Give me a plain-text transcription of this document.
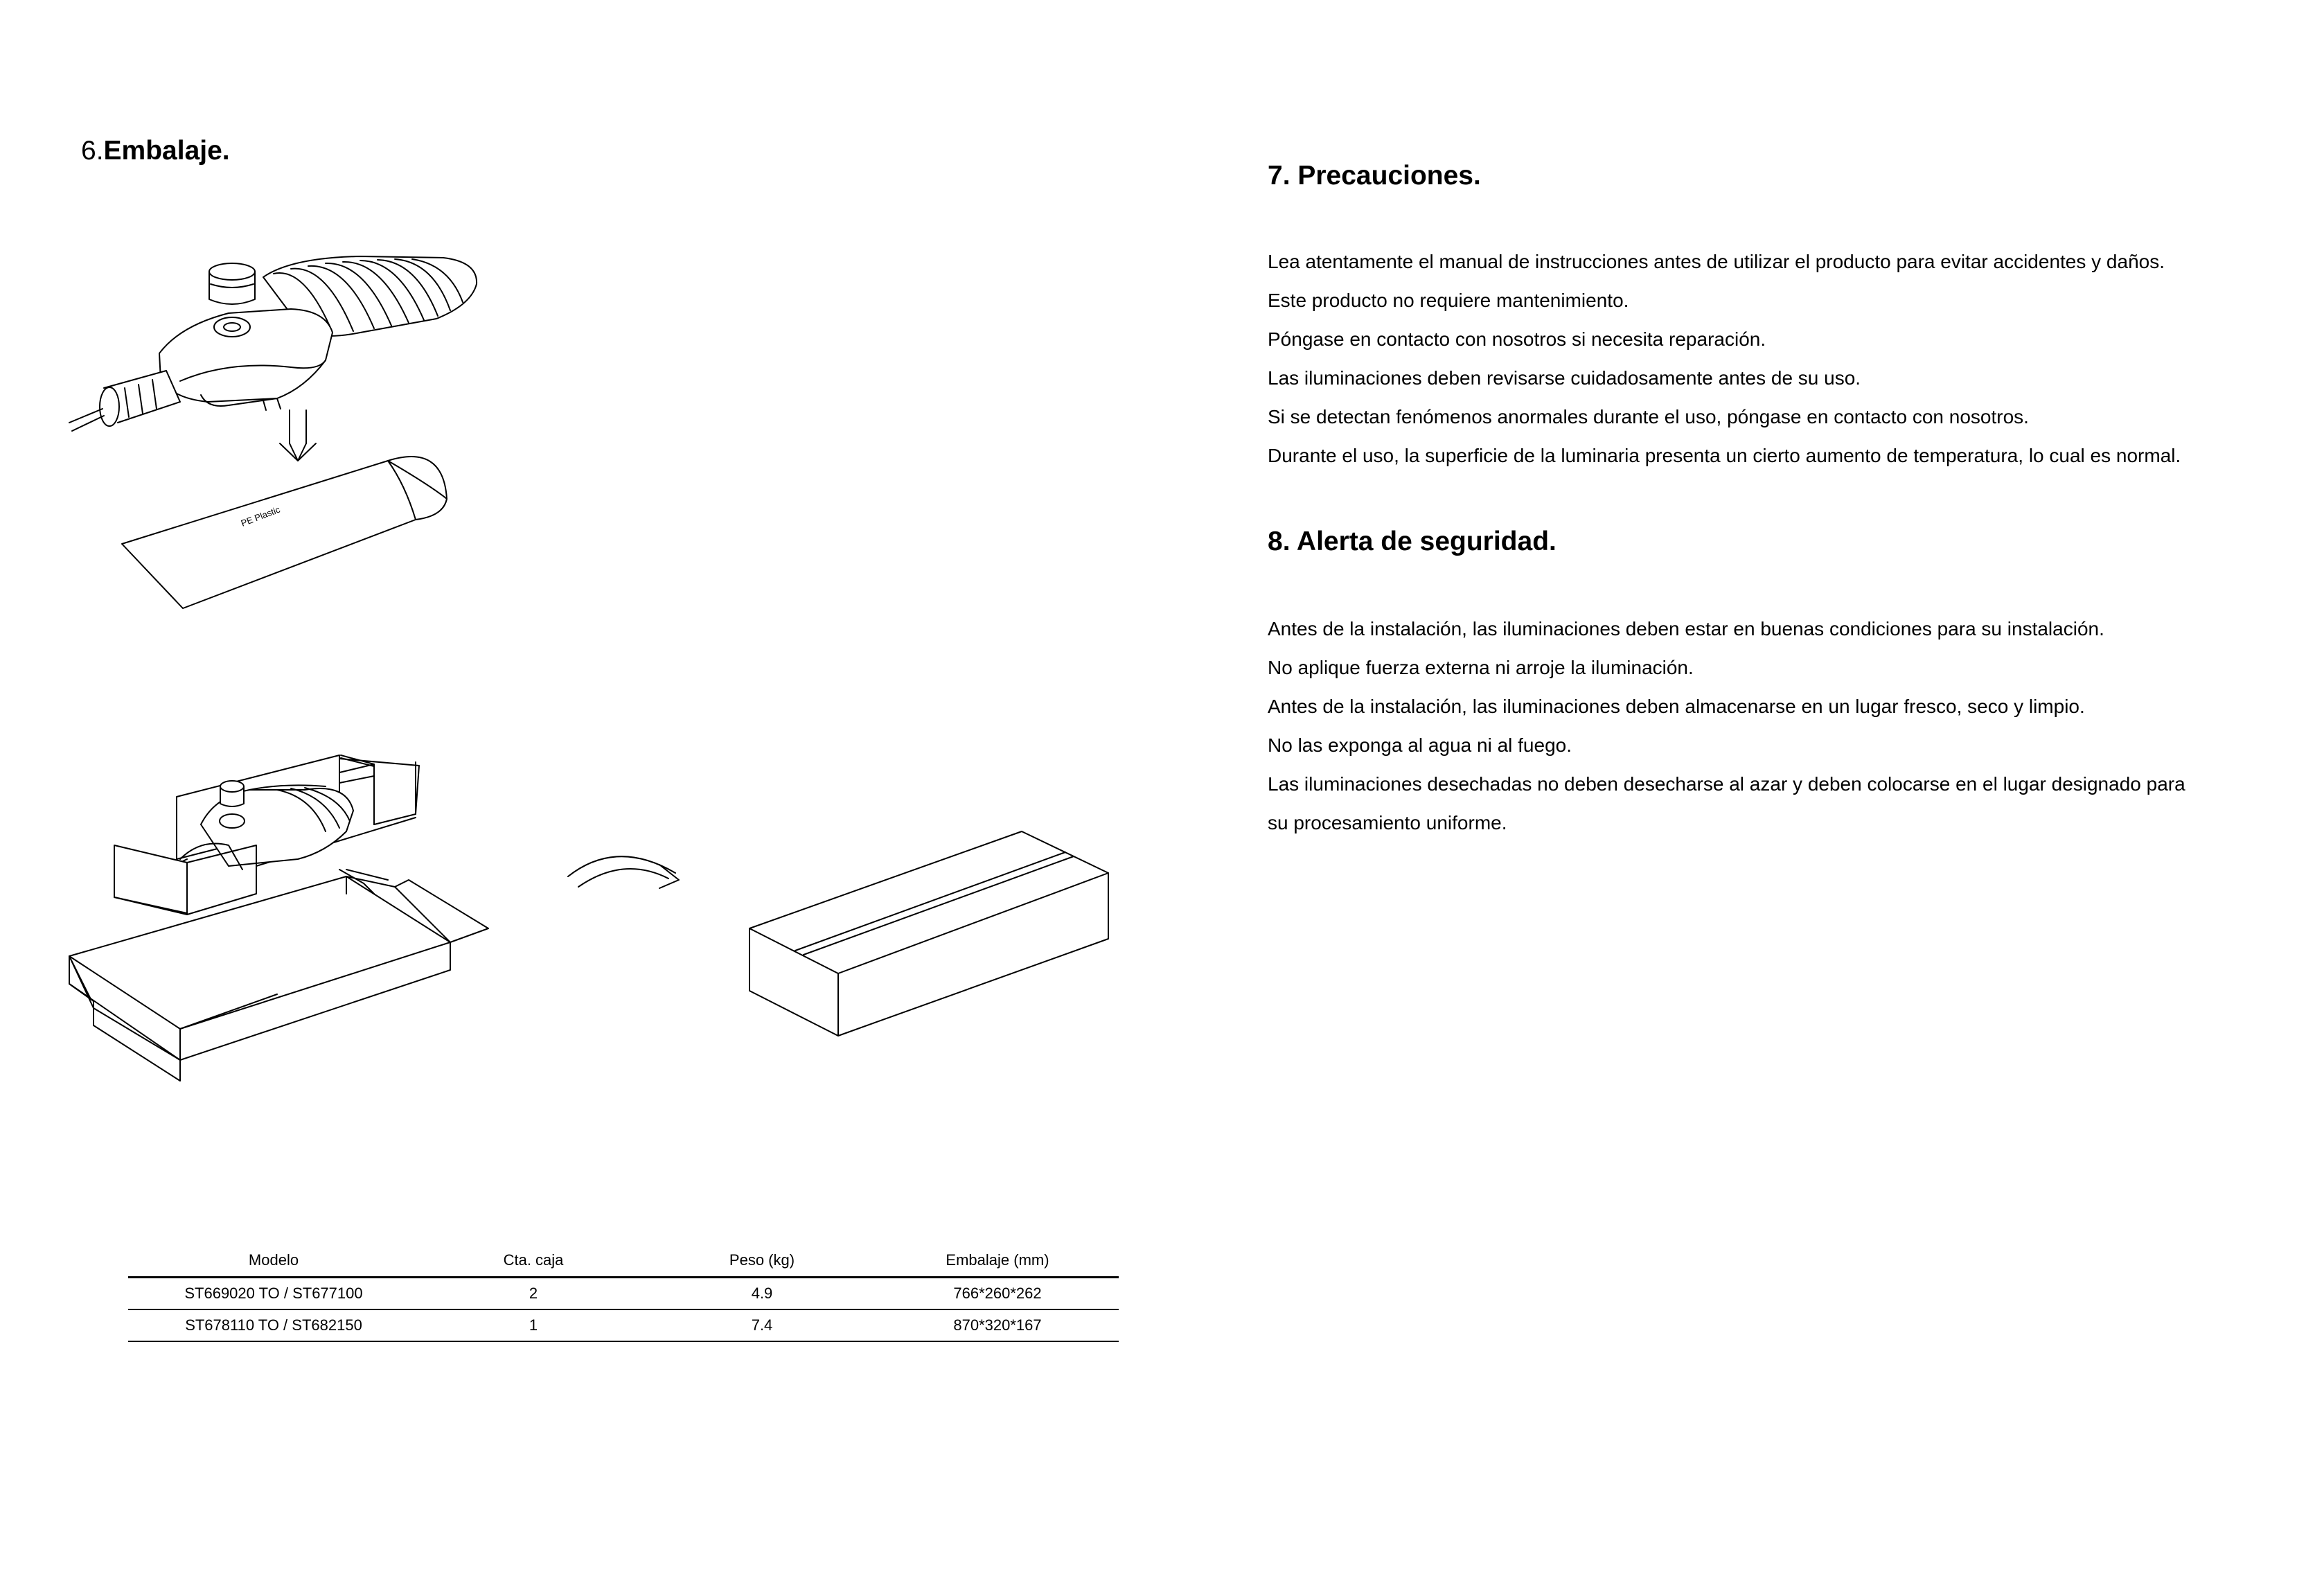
6.Embalaje.
PE Plastic
7. Precauciones.
Lea atentamente el manual de instrucciones antes de utilizar el producto para evitar accidentes y daños.
Este producto no requiere mantenimiento.
Póngase en contacto con nosotros si necesita reparación.
Las iluminaciones deben revisarse cuidadosamente antes de su uso.
Si se detectan fenómenos anormales durante el uso, póngase en contacto con nosotros.
Durante el uso, la superficie de la luminaria presenta un cierto aumento de temperatura, lo cual es normal.
8. Alerta de seguridad.
Antes de la instalación, las iluminaciones deben estar en buenas condiciones para su instalación.
No aplique fuerza externa ni arroje la iluminación.
Antes de la instalación, las iluminaciones deben almacenarse en un lugar fresco, seco y limpio.
No las exponga al agua ni al fuego.
Las iluminaciones desechadas no deben desecharse al azar y deben colocarse en el lugar designado para
su procesamiento uniforme.
Modelo	Cta. caja	Peso (kg)	Embalaje (mm)
ST669020 TO / ST677100	2	4.9	766*260*262
ST678110 TO / ST682150	1	7.4	870*320*167
